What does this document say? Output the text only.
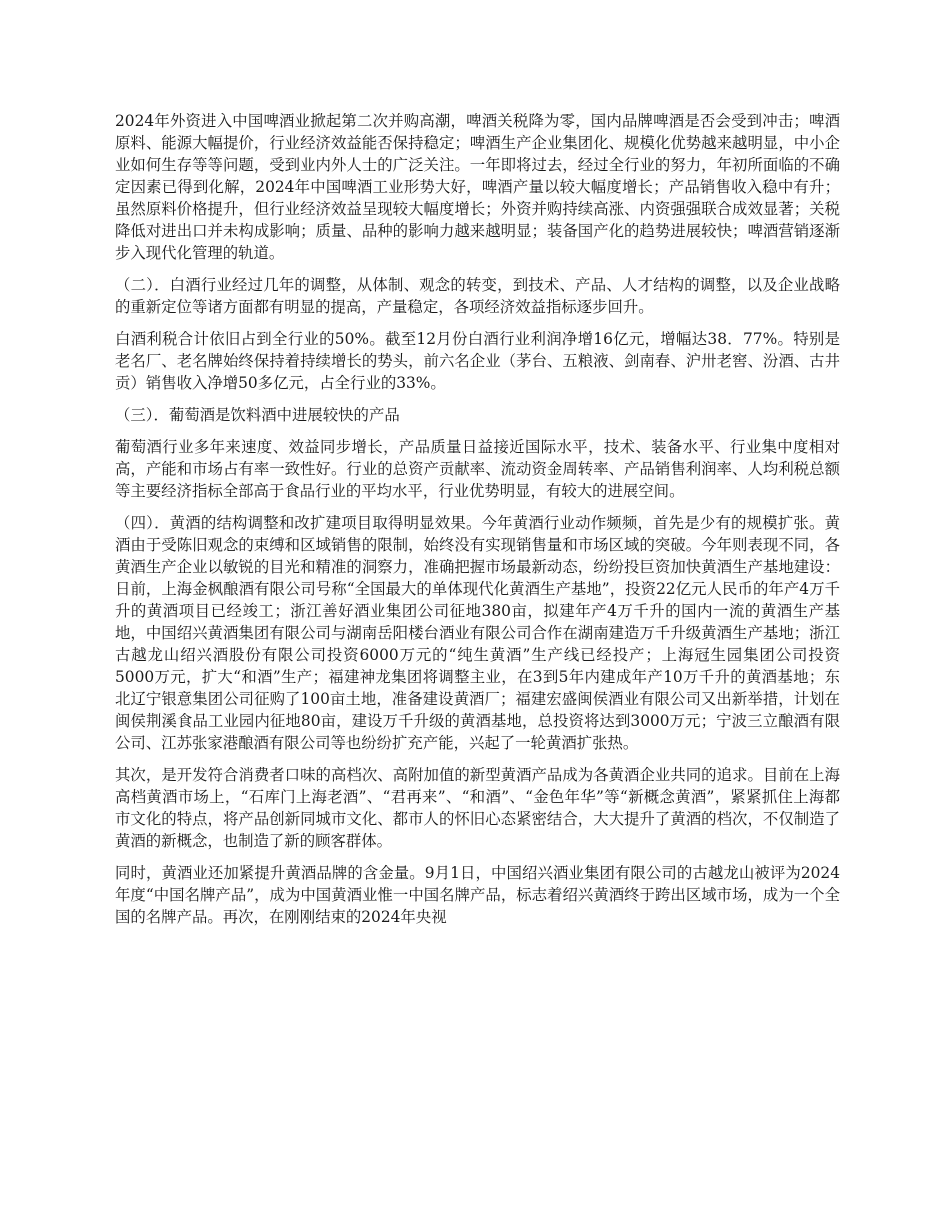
2024年外资进入中国啤酒业掀起第二次并购高潮，啤酒关税降为零，国内品牌啤酒是否会受到冲击；啤酒原料、能源大幅提价，行业经济效益能否保持稳定；啤酒生产企业集团化、规模化优势越来越明显，中小企业如何生存等等问题，受到业内外人士的广泛关注。一年即将过去，经过全行业的努力，年初所面临的不确定因素已得到化解，2024年中国啤酒工业形势大好，啤酒产量以较大幅度增长；产品销售收入稳中有升；虽然原料价格提升，但行业经济效益呈现较大幅度增长；外资并购持续高涨、内资强强联合成效显著；关税降低对进出口并未构成影响；质量、品种的影响力越来越明显；装备国产化的趋势进展较快；啤酒营销逐渐步入现代化管理的轨道。

（二）．白酒行业经过几年的调整，从体制、观念的转变，到技术、产品、人才结构的调整，以及企业战略的重新定位等诸方面都有明显的提高，产量稳定，各项经济效益指标逐步回升。

白酒利税合计依旧占到全行业的50%。截至12月份白酒行业利润净增16亿元，增幅达38．77%。特别是老名厂、老名牌始终保持着持续增长的势头，前六名企业（茅台、五粮液、剑南春、沪卅老窖、汾酒、古井贡）销售收入净增50多亿元，占全行业的33%。

（三）．葡萄酒是饮料酒中进展较快的产品

葡萄酒行业多年来速度、效益同步增长，产品质量日益接近国际水平，技术、装备水平、行业集中度相对高，产能和市场占有率一致性好。行业的总资产贡献率、流动资金周转率、产品销售利润率、人均利税总额等主要经济指标全部高于食品行业的平均水平，行业优势明显，有较大的进展空间。

（四）．黄酒的结构调整和改扩建项目取得明显效果。今年黄酒行业动作频频，首先是少有的规模扩张。黄酒由于受陈旧观念的束缚和区域销售的限制，始终没有实现销售量和市场区域的突破。今年则表现不同，各黄酒生产企业以敏锐的目光和精准的洞察力，准确把握市场最新动态，纷纷投巨资加快黄酒生产基地建设：日前，上海金枫酿酒有限公司号称“全国最大的单体现代化黄酒生产基地”，投资22亿元人民币的年产4万千升的黄酒项目已经竣工；浙江善好酒业集团公司征地380亩，拟建年产4万千升的国内一流的黄酒生产基地，中国绍兴黄酒集团有限公司与湖南岳阳楼台酒业有限公司合作在湖南建造万千升级黄酒生产基地；浙江古越龙山绍兴酒股份有限公司投资6000万元的“纯生黄酒”生产线已经投产；上海冠生园集团公司投资5000万元，扩大“和酒”生产；福建神龙集团将调整主业，在3到5年内建成年产10万千升的黄酒基地；东北辽宁银意集团公司征购了100亩土地，准备建设黄酒厂；福建宏盛闽侯酒业有限公司又出新举措，计划在闽侯荆溪食品工业园内征地80亩，建设万千升级的黄酒基地，总投资将达到3000万元；宁波三立酿酒有限公司、江苏张家港酿酒有限公司等也纷纷扩充产能，兴起了一轮黄酒扩张热。

其次，是开发符合消费者口味的高档次、高附加值的新型黄酒产品成为各黄酒企业共同的追求。目前在上海高档黄酒市场上，“石库门上海老酒”、“君再来”、“和酒”、“金色年华”等“新概念黄酒”，紧紧抓住上海都市文化的特点，将产品创新同城市文化、都市人的怀旧心态紧密结合，大大提升了黄酒的档次，不仅制造了黄酒的新概念，也制造了新的顾客群体。

同时，黄酒业还加紧提升黄酒品牌的含金量。9月1日，中国绍兴酒业集团有限公司的古越龙山被评为2024年度“中国名牌产品”，成为中国黄酒业惟一中国名牌产品，标志着绍兴黄酒终于跨出区域市场，成为一个全国的名牌产品。再次，在刚刚结束的2024年央视
